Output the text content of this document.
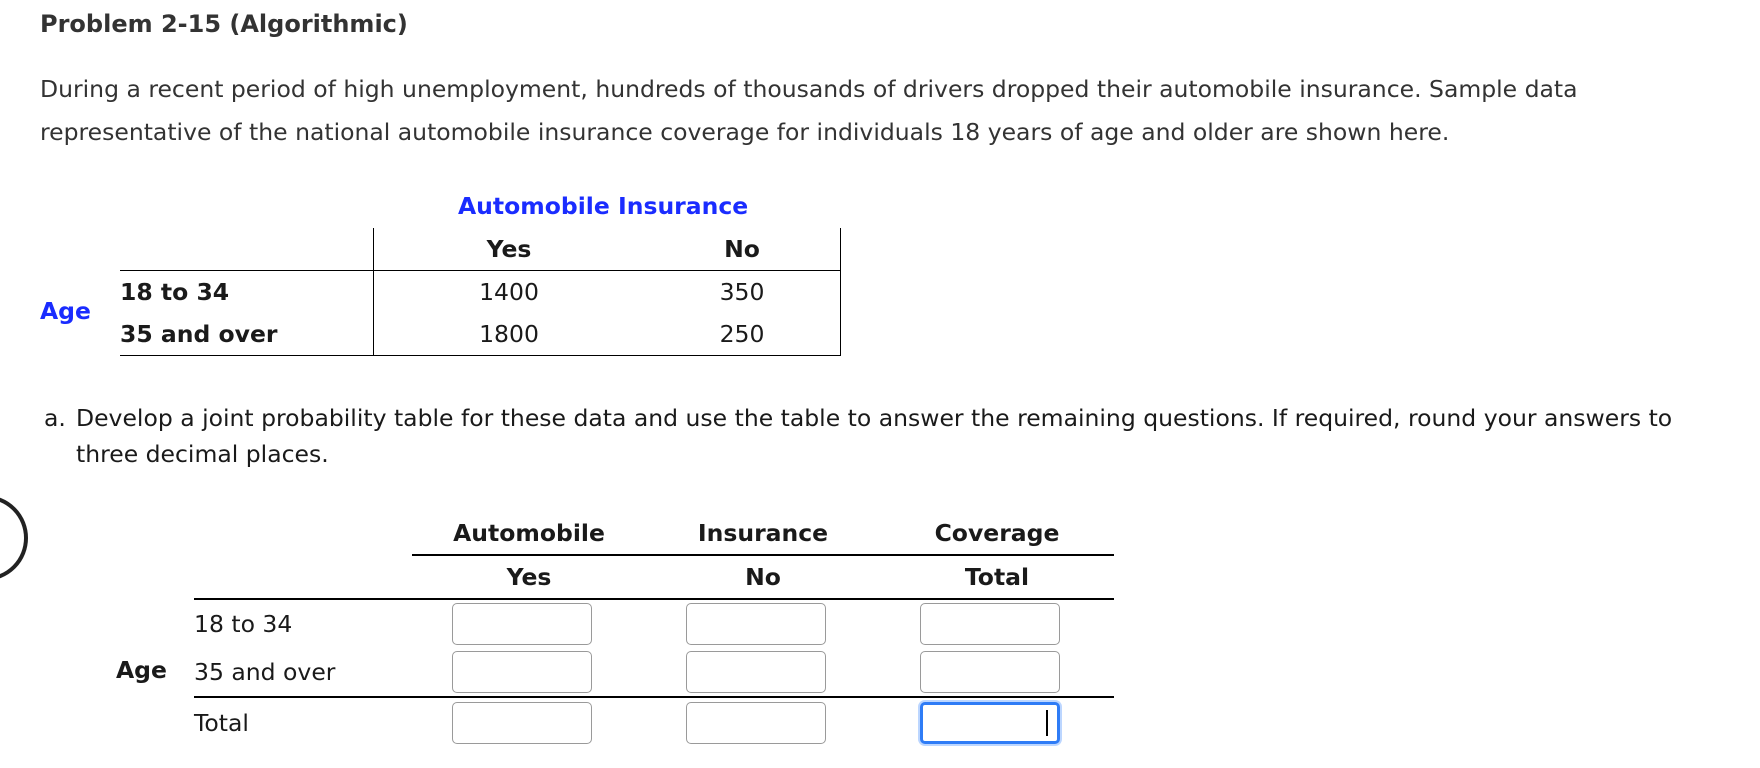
Problem 2-15 (Algorithmic)
During a recent period of high unemployment, hundreds of thousands of drivers dropped their automobile insurance. Sample data representative of the national automobile insurance coverage for individuals 18 years of age and older are shown here.
Automobile Insurance
Age
	Yes	No
18 to 34	1400	350
35 and over	1800	250
a. Develop a joint probability table for these data and use the table to answer the remaining questions. If required, round your answers to
three decimal places.
Age
	Automobile	Insurance	Coverage
	Yes	No	Total
18 to 34	

35 and over	

Total	
